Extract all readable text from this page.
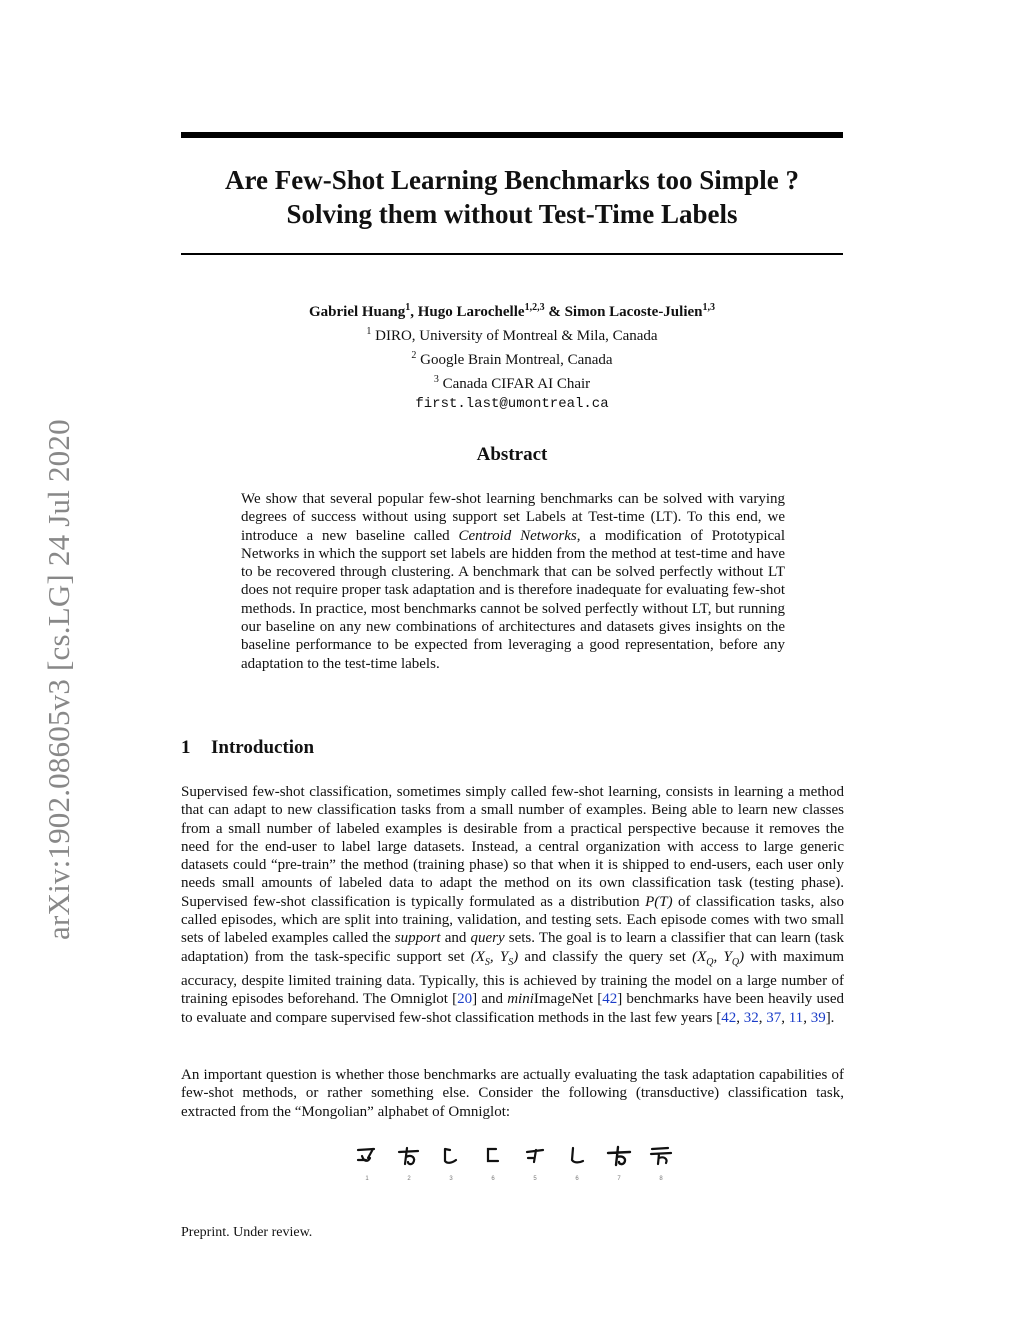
arXiv:1902.08605v3 [cs.LG] 24 Jul 2020
Are Few-Shot Learning Benchmarks too Simple ?
Solving them without Test-Time Labels
Gabriel Huang$^1$, Hugo Larochelle$^{1,2,3}$ & Simon Lacoste-Julien$^{1,3}$
$^1$ DIRO, University of Montreal & Mila, Canada
$^2$ Google Brain Montreal, Canada
$^3$ Canada CIFAR AI Chair
first.last@umontreal.ca
Abstract
We show that several popular few-shot learning benchmarks can be solved with varying degrees of success without using support set Labels at Test-time (LT). To this end, we introduce a new baseline called Centroid Networks, a modification of Prototypical Networks in which the support set labels are hidden from the method at test-time and have to be recovered through clustering. A benchmark that can be solved perfectly without LT does not require proper task adaptation and is therefore inadequate for evaluating few-shot methods. In practice, most benchmarks cannot be solved perfectly without LT, but running our baseline on any new combinations of architectures and datasets gives insights on the baseline performance to be expected from leveraging a good representation, before any adaptation to the test-time labels.
1 Introduction
Supervised few-shot classification, sometimes simply called few-shot learning, consists in learning a method that can adapt to new classification tasks from a small number of examples. Being able to learn new classes from a small number of labeled examples is desirable from a practical perspective because it removes the need for the end-user to label large datasets. Instead, a central organization with access to large generic datasets could “pre-train” the method (training phase) so that when it is shipped to end-users, each user only needs small amounts of labeled data to adapt the method on its own classification task (testing phase). Supervised few-shot classification is typically formulated as a distribution P(T) of classification tasks, also called episodes, which are split into training, validation, and testing sets. Each episode comes with two small sets of labeled examples called the support and query sets. The goal is to learn a classifier that can learn (task adaptation) from the task-specific support set ($X_S$, $Y_S$) and classify the query set ($X_Q$, $Y_Q$) with maximum accuracy, despite limited training data. Typically, this is achieved by training the model on a large number of training episodes beforehand. The Omniglot [20] and miniImageNet [42] benchmarks have been heavily used to evaluate and compare supervised few-shot classification methods in the last few years [42, 32, 37, 11, 39].
An important question is whether those benchmarks are actually evaluating the task adaptation capabilities of few-shot methods, or rather something else. Consider the following (transductive) classification task, extracted from the “Mongolian” alphabet of Omniglot:
1	2	3	6	5	6	7	8
Preprint. Under review.
